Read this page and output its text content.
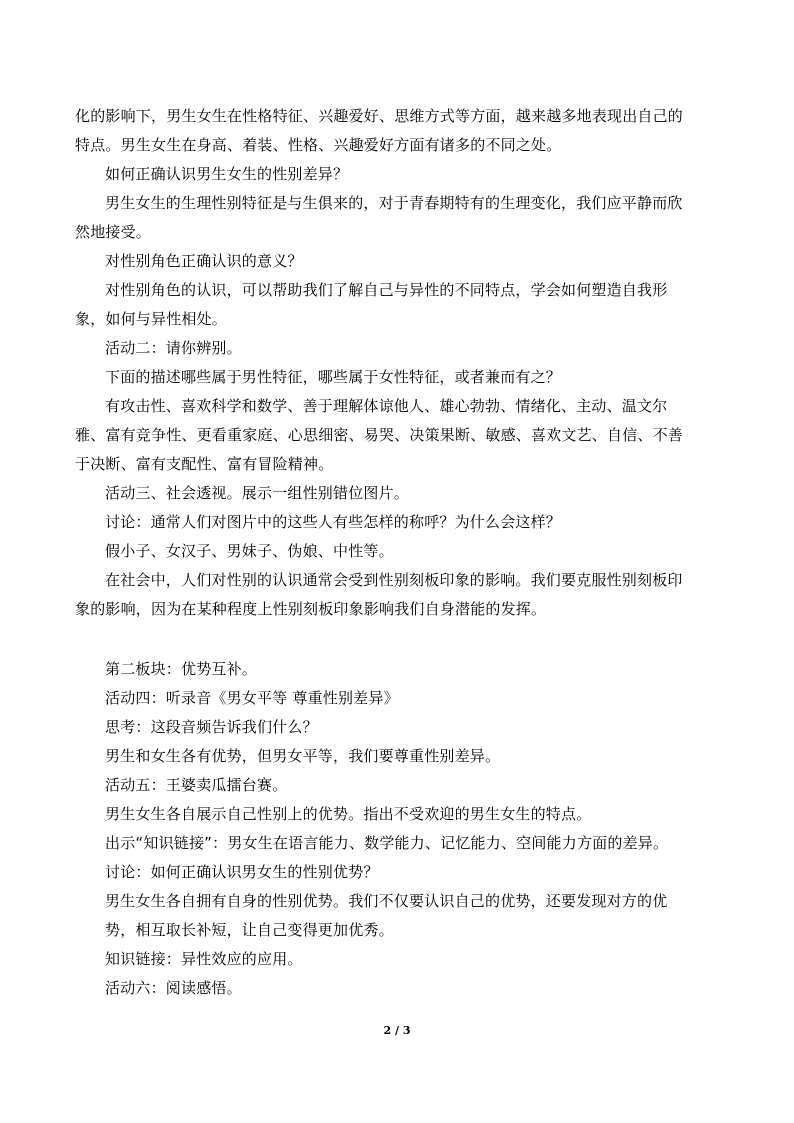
化的影响下，男生女生在性格特征、兴趣爱好、思维方式等方面，越来越多地表现出自己的
特点。男生女生在身高、着装、性格、兴趣爱好方面有诸多的不同之处。
如何正确认识男生女生的性别差异？
男生女生的生理性别特征是与生俱来的，对于青春期特有的生理变化，我们应平静而欣
然地接受。
对性别角色正确认识的意义？
对性别角色的认识，可以帮助我们了解自己与异性的不同特点，学会如何塑造自我形
象，如何与异性相处。
活动二：请你辨别。
下面的描述哪些属于男性特征，哪些属于女性特征，或者兼而有之？
有攻击性、喜欢科学和数学、善于理解体谅他人、雄心勃勃、情绪化、主动、温文尔
雅、富有竞争性、更看重家庭、心思细密、易哭、决策果断、敏感、喜欢文艺、自信、不善
于决断、富有支配性、富有冒险精神。
活动三、社会透视。展示一组性别错位图片。
讨论：通常人们对图片中的这些人有些怎样的称呼？为什么会这样？
假小子、女汉子、男妹子、伪娘、中性等。
在社会中，人们对性别的认识通常会受到性别刻板印象的影响。我们要克服性别刻板印
象的影响，因为在某种程度上性别刻板印象影响我们自身潜能的发挥。
第二板块：优势互补。
活动四：听录音《男女平等 尊重性别差异》
思考：这段音频告诉我们什么？
男生和女生各有优势，但男女平等，我们要尊重性别差异。
活动五：王婆卖瓜擂台赛。
男生女生各自展示自己性别上的优势。指出不受欢迎的男生女生的特点。
出示“知识链接”：男女生在语言能力、数学能力、记忆能力、空间能力方面的差异。
讨论：如何正确认识男女生的性别优势？
男生女生各自拥有自身的性别优势。我们不仅要认识自己的优势，还要发现对方的优
势，相互取长补短，让自己变得更加优秀。
知识链接：异性效应的应用。
活动六：阅读感悟。
2 / 3
